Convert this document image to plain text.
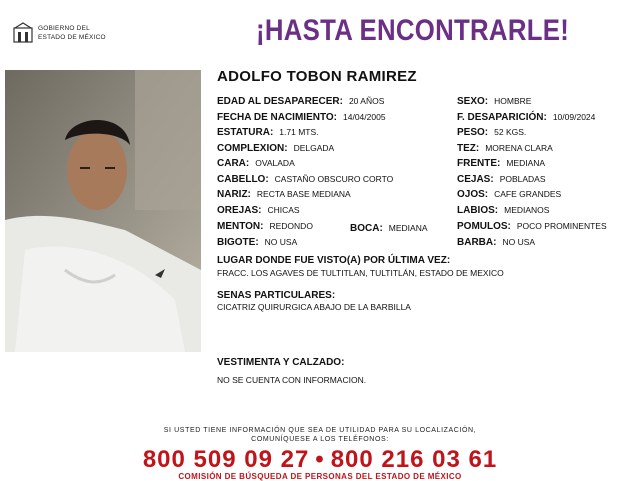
GOBIERNO DEL
ESTADO DE MÉXICO	¡HASTA ENCONTRARLE!
ADOLFO TOBON RAMIREZ
EDAD AL DESAPARECER: 20 AÑOS
FECHA DE NACIMIENTO: 14/04/2005
ESTATURA: 1.71 MTS.
COMPLEXION: DELGADA
CARA: OVALADA
CABELLO: CASTAÑO OBSCURO CORTO
NARIZ: RECTA BASE MEDIANA
OREJAS: CHICAS
MENTON: REDONDO
BIGOTE: NO USA
BOCA: MEDIANA
SEXO: HOMBRE
F. DESAPARICIÓN: 10/09/2024
PESO: 52 KGS.
TEZ: MORENA CLARA
FRENTE: MEDIANA
CEJAS: POBLADAS
OJOS: CAFE GRANDES
LABIOS: MEDIANOS
POMULOS: POCO PROMINENTES
BARBA: NO USA
LUGAR DONDE FUE VISTO(A) POR ÚLTIMA VEZ:
FRACC. LOS AGAVES DE TULTITLAN, TULTITLÁN, ESTADO DE MEXICO
SENAS PARTICULARES:
CICATRIZ QUIRURGICA ABAJO DE LA BARBILLA
VESTIMENTA Y CALZADO:
NO SE CUENTA CON INFORMACION.
SI USTED TIENE INFORMACIÓN QUE SEA DE UTILIDAD PARA SU LOCALIZACIÓN,
COMUNÍQUESE A LOS TELÉFONOS:
800 509 09 27 • 800 216 03 61
COMISIÓN DE BÚSQUEDA DE PERSONAS DEL ESTADO DE MÉXICO
